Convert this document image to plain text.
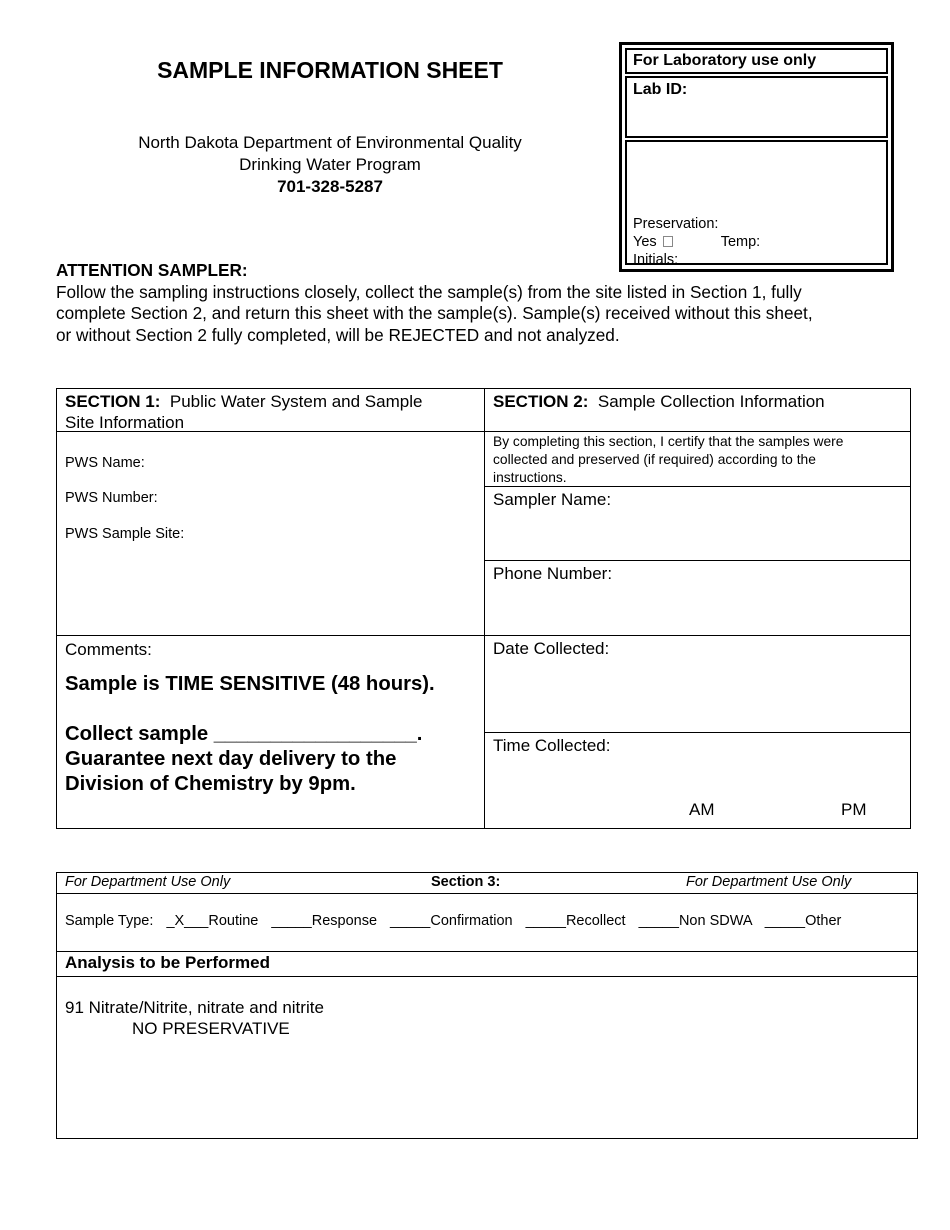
SAMPLE INFORMATION SHEET
North Dakota Department of Environmental Quality
Drinking Water Program
701-328-5287
For Laboratory use only
Lab ID:
Preservation:
Yes	Temp:
Initials:
ATTENTION SAMPLER:
Follow the sampling instructions closely, collect the sample(s) from the site listed in Section 1, fully
complete Section 2, and return this sheet with the sample(s). Sample(s) received without this sheet,
or without Section 2 fully completed, will be REJECTED and not analyzed.
SECTION 1: Public Water System and Sample
Site Information
PWS Name:
PWS Number:
PWS Sample Site:
Comments:
Sample is TIME SENSITIVE (48 hours).
Collect sample __________________.
Guarantee next day delivery to the
Division of Chemistry by 9pm.
SECTION 2: Sample Collection Information
By completing this section, I certify that the samples were
collected and preserved (if required) according to the
instructions.
Sampler Name:
Phone Number:
Date Collected:
Time Collected:
AM	PM
For Department Use Only	Section 3:	For Department Use Only
Sample Type: _X___Routine _____Response _____Confirmation _____Recollect _____Non SDWA _____Other
Analysis to be Performed
91 Nitrate/Nitrite, nitrate and nitrite
NO PRESERVATIVE
